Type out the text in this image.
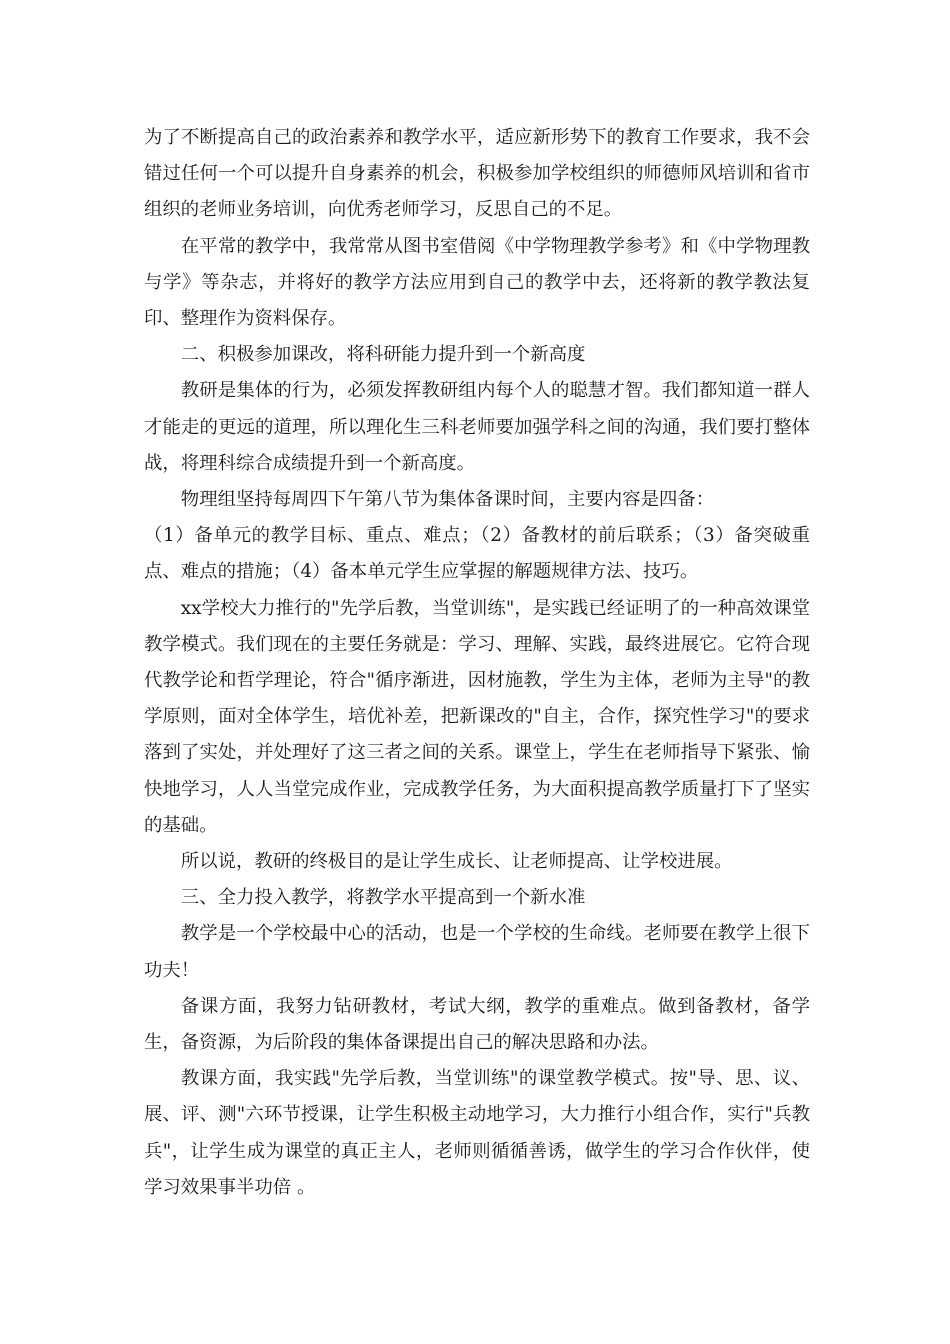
为了不断提高自己的政治素养和教学水平，适应新形势下的教育工作要求，我不会错过任何一个可以提升自身素养的机会，积极参加学校组织的师德师风培训和省市组织的老师业务培训，向优秀老师学习，反思自己的不足。

在平常的教学中，我常常从图书室借阅《中学物理教学参考》和《中学物理教与学》等杂志，并将好的教学方法应用到自己的教学中去，还将新的教学教法复印、整理作为资料保存。

二、积极参加课改，将科研能力提升到一个新高度

教研是集体的行为，必须发挥教研组内每个人的聪慧才智。我们都知道一群人才能走的更远的道理，所以理化生三科老师要加强学科之间的沟通，我们要打整体战，将理科综合成绩提升到一个新高度。

物理组坚持每周四下午第八节为集体备课时间，主要内容是四备：

（1）备单元的教学目标、重点、难点；（2）备教材的前后联系；（3）备突破重点、难点的措施；（4）备本单元学生应掌握的解题规律方法、技巧。

xx学校大力推行的"先学后教，当堂训练"，是实践已经证明了的一种高效课堂教学模式。我们现在的主要任务就是：学习、理解、实践，最终进展它。它符合现代教学论和哲学理论，符合"循序渐进，因材施教，学生为主体，老师为主导"的教学原则，面对全体学生，培优补差，把新课改的"自主，合作，探究性学习"的要求落到了实处，并处理好了这三者之间的关系。课堂上，学生在老师指导下紧张、愉快地学习，人人当堂完成作业，完成教学任务，为大面积提高教学质量打下了坚实的基础。

所以说，教研的终极目的是让学生成长、让老师提高、让学校进展。

三、全力投入教学，将教学水平提高到一个新水准

教学是一个学校最中心的活动，也是一个学校的生命线。老师要在教学上很下功夫！

备课方面，我努力钻研教材，考试大纲，教学的重难点。做到备教材，备学生，备资源，为后阶段的集体备课提出自己的解决思路和办法。

教课方面，我实践"先学后教，当堂训练"的课堂教学模式。按"导、思、议、展、评、测"六环节授课，让学生积极主动地学习，大力推行小组合作，实行"兵教兵"，让学生成为课堂的真正主人，老师则循循善诱，做学生的学习合作伙伴，使学习效果事半功倍 。
